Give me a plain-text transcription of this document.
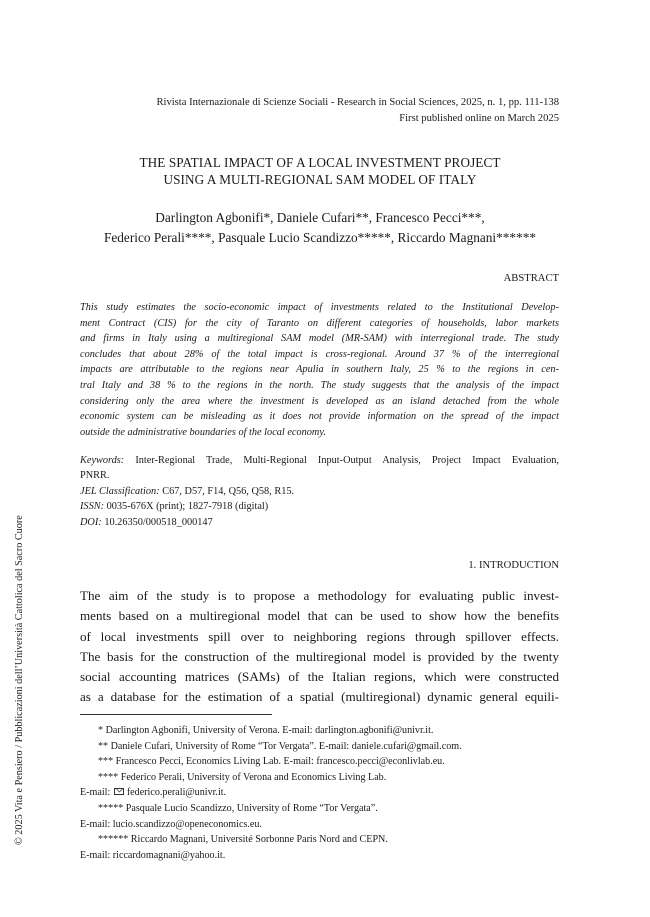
Rivista Internazionale di Scienze Sociali - Research in Social Sciences, 2025, n. 1, pp. 111-138
First published online on March 2025
THE SPATIAL IMPACT OF A LOCAL INVESTMENT PROJECT
USING A MULTI-REGIONAL SAM MODEL OF ITALY
Darlington Agbonifi*, Daniele Cufari**, Francesco Pecci***,
Federico Perali****, Pasquale Lucio Scandizzo*****, Riccardo Magnani******
ABSTRACT
This study estimates the socio-economic impact of investments related to the Institutional Develop-
ment Contract (CIS) for the city of Taranto on different categories of households, labor markets
and firms in Italy using a multiregional SAM model (MR-SAM) with interregional trade. The study
concludes that about 28% of the total impact is cross-regional. Around 37 % of the interregional
impacts are attributable to the regions near Apulia in southern Italy, 25 % to the regions in cen-
tral Italy and 38 % to the regions in the north. The study suggests that the analysis of the impact
considering only the area where the investment is developed as an island detached from the whole
economic system can be misleading as it does not provide information on the spread of the impact
outside the administrative boundaries of the local economy.
Keywords: Inter-Regional Trade, Multi-Regional Input-Output Analysis, Project Impact Evaluation,
PNRR.
JEL Classification: C67, D57, F14, Q56, Q58, R15.
ISSN: 0035-676X (print); 1827-7918 (digital)
DOI: 10.26350/000518_000147
1. INTRODUCTION
The aim of the study is to propose a methodology for evaluating public invest-
ments based on a multiregional model that can be used to show how the benefits
of local investments spill over to neighboring regions through spillover effects.
The basis for the construction of the multiregional model is provided by the twenty
social accounting matrices (SAMs) of the Italian regions, which were constructed
as a database for the estimation of a spatial (multiregional) dynamic general equili-
* Darlington Agbonifi, University of Verona. E-mail: darlington.agbonifi@univr.it.
** Daniele Cufari, University of Rome “Tor Vergata”. E-mail: daniele.cufari@gmail.com.
*** Francesco Pecci, Economics Living Lab. E-mail: francesco.pecci@econlivlab.eu.
**** Federico Perali, University of Verona and Economics Living Lab.
E-mail: federico.perali@univr.it.
***** Pasquale Lucio Scandizzo, University of Rome “Tor Vergata”.
E-mail: lucio.scandizzo@openeconomics.eu.
****** Riccardo Magnani, Université Sorbonne Paris Nord and CEPN.
E-mail: riccardomagnani@yahoo.it.
© 2025 Vita e Pensiero / Pubblicazioni dell’Università Cattolica del Sacro Cuore
